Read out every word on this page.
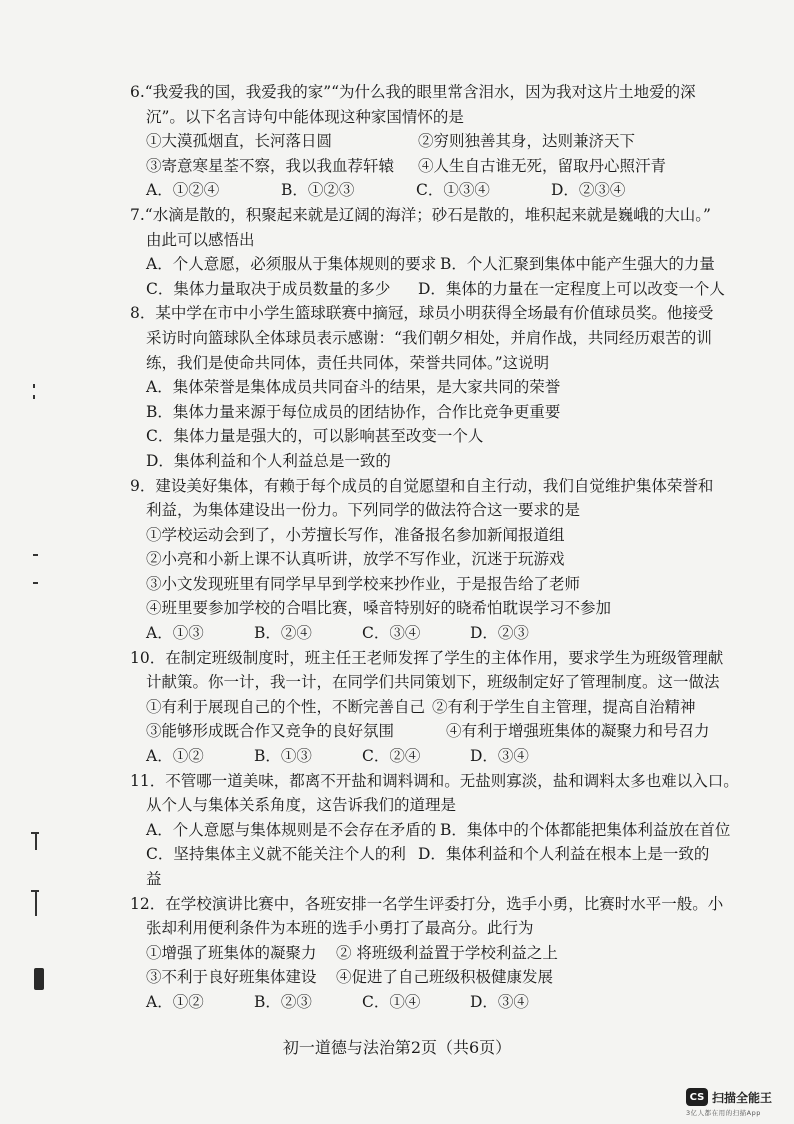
6.“我爱我的国，我爱我的家”“为什么我的眼里常含泪水，因为我对这片土地爱的深
沉”。以下名言诗句中能体现这种家国情怀的是
①大漠孤烟直，长河落日圆	②穷则独善其身，达则兼济天下
③寄意寒星荃不察，我以我血荐轩辕	④人生自古谁无死，留取丹心照汗青
A．①②④	B．①②③	C．①③④	D．②③④
7.“水滴是散的，积聚起来就是辽阔的海洋；砂石是散的，堆积起来就是巍峨的大山。”
由此可以感悟出
A．个人意愿，必须服从于集体规则的要求 B．个人汇聚到集体中能产生强大的力量
C．集体力量取决于成员数量的多少	D．集体的力量在一定程度上可以改变一个人
8．某中学在市中小学生篮球联赛中摘冠，球员小明获得全场最有价值球员奖。他接受
采访时向篮球队全体球员表示感谢：“我们朝夕相处，并肩作战，共同经历艰苦的训
练，我们是使命共同体，责任共同体，荣誉共同体。”这说明
A．集体荣誉是集体成员共同奋斗的结果，是大家共同的荣誉
B．集体力量来源于每位成员的团结协作，合作比竞争更重要
C．集体力量是强大的，可以影响甚至改变一个人
D．集体利益和个人利益总是一致的
9．建设美好集体，有赖于每个成员的自觉愿望和自主行动，我们自觉维护集体荣誉和
利益，为集体建设出一份力。下列同学的做法符合这一要求的是
①学校运动会到了，小芳擅长写作，准备报名参加新闻报道组
②小亮和小新上课不认真听讲，放学不写作业，沉迷于玩游戏
③小文发现班里有同学早早到学校来抄作业，于是报告给了老师
④班里要参加学校的合唱比赛，嗓音特别好的晓希怕耽误学习不参加
A．①③	B．②④	C．③④	D．②③
10．在制定班级制度时，班主任王老师发挥了学生的主体作用，要求学生为班级管理献
计献策。你一计，我一计，在同学们共同策划下，班级制定好了管理制度。这一做法
①有利于展现自己的个性，不断完善自己 ②有利于学生自主管理，提高自治精神
③能够形成既合作又竞争的良好氛围	④有利于增强班集体的凝聚力和号召力
A．①②	B．①③	C．②④	D．③④
11．不管哪一道美味，都离不开盐和调料调和。无盐则寡淡，盐和调料太多也难以入口。
从个人与集体关系角度，这告诉我们的道理是
A．个人意愿与集体规则是不会存在矛盾的 B．集体中的个体都能把集体利益放在首位
C．坚持集体主义就不能关注个人的利益
D．集体利益和个人利益在根本上是一致的
12．在学校演讲比赛中，各班安排一名学生评委打分，选手小勇，比赛时水平一般。小
张却利用便利条件为本班的选手小勇打了最高分。此行为
①增强了班集体的凝聚力	② 将班级利益置于学校利益之上
③不利于良好班集体建设	④促进了自己班级积极健康发展
A．①②	B．②③	C．①④	D．③④
初一道德与法治第2页（共6页）
CS 扫描全能王
3亿人都在用的扫描App
